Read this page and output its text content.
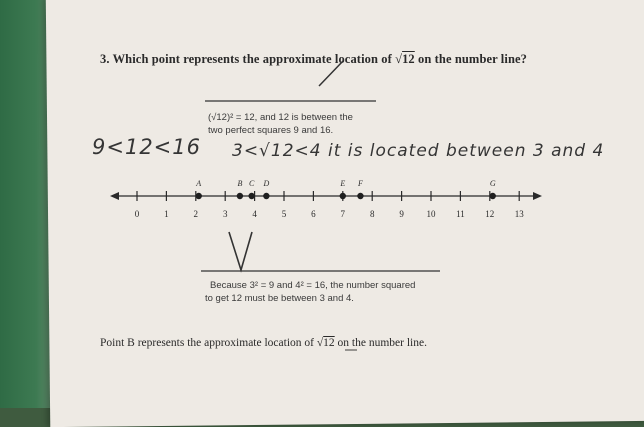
3. Which point represents the approximate location of √12 on the number line?

(√12)² = 12, and 12 is between the
two perfect squares 9 and 16.
9<12<16 3<√12<4 it is located between 3 and 4
0	1	2	3	4	5	6	7	8	9	10 11 12 13
A	B C D	E F	G
Because 3² = 9 and 4² = 16, the number squared
to get 12 must be between 3 and 4.

Point B represents the approximate location of √12 on the number line.
